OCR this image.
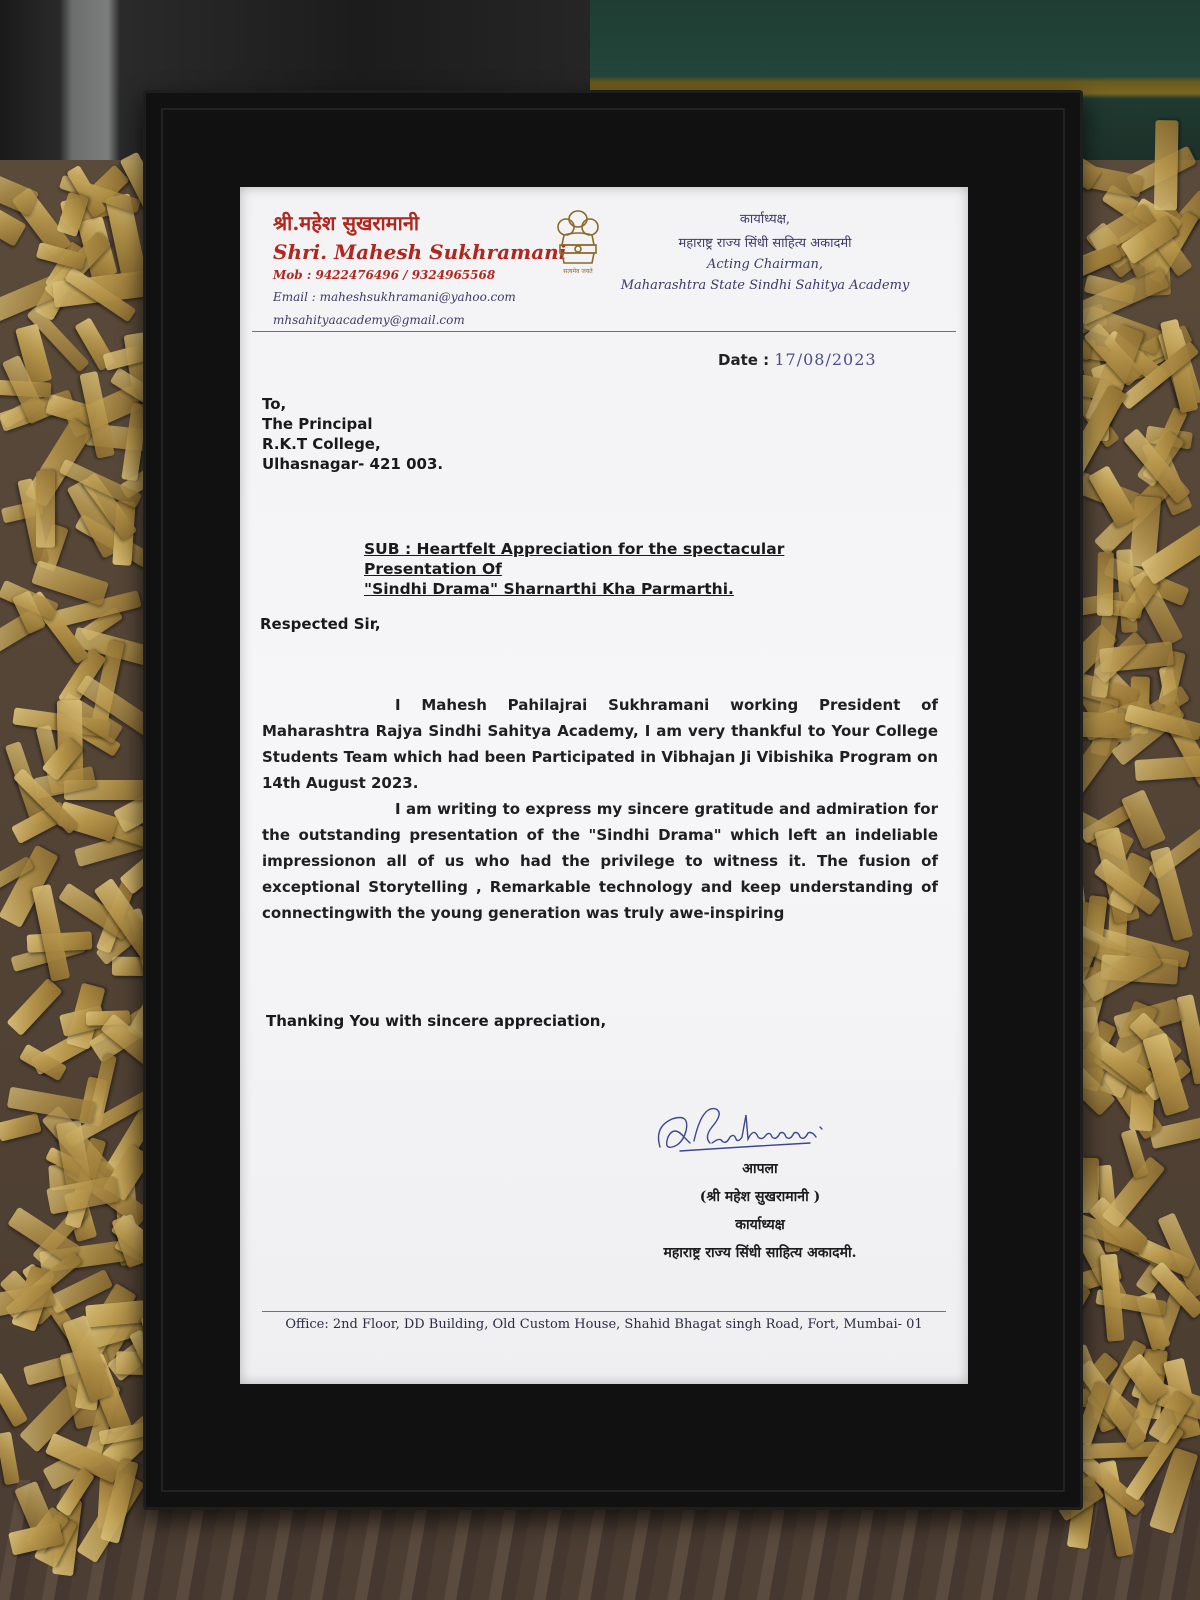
श्री.महेश सुखरामानी

Shri. Mahesh Sukhramani

Mob : 9422476496 / 9324965568

Email : maheshsukhramani@yahoo.com

mhsahityaacademy@gmail.com

सत्यमेव जयते

कार्याध्यक्ष,

महाराष्ट्र राज्य सिंधी साहित्य अकादमी

Acting Chairman,

Maharashtra State Sindhi Sahitya Academy

Date : 17/08/2023
To,
The Principal
R.K.T College,
Ulhasnagar- 421 003.
SUB : Heartfelt Appreciation for the spectacular Presentation Of
"Sindhi Drama" Sharnarthi Kha Parmarthi.
Respected Sir,

I Mahesh Pahilajrai Sukhramani working President of Maharashtra Rajya Sindhi Sahitya Academy, I am very thankful to Your College Students Team which had been Participated in Vibhajan Ji Vibishika Program on 14th August 2023.

I am writing to express my sincere gratitude and admiration for the outstanding presentation of the "Sindhi Drama" which left an indeliable impressionon all of us who had the privilege to witness it. The fusion of exceptional Storytelling , Remarkable technology and keep understanding of connectingwith the young generation was truly awe-inspiring

Thanking You with sincere appreciation,

आपला

(श्री महेश सुखरामानी )

कार्याध्यक्ष

महाराष्ट्र राज्य सिंधी साहित्य अकादमी.

Office: 2nd Floor, DD Building, Old Custom House, Shahid Bhagat singh Road, Fort, Mumbai- 01
